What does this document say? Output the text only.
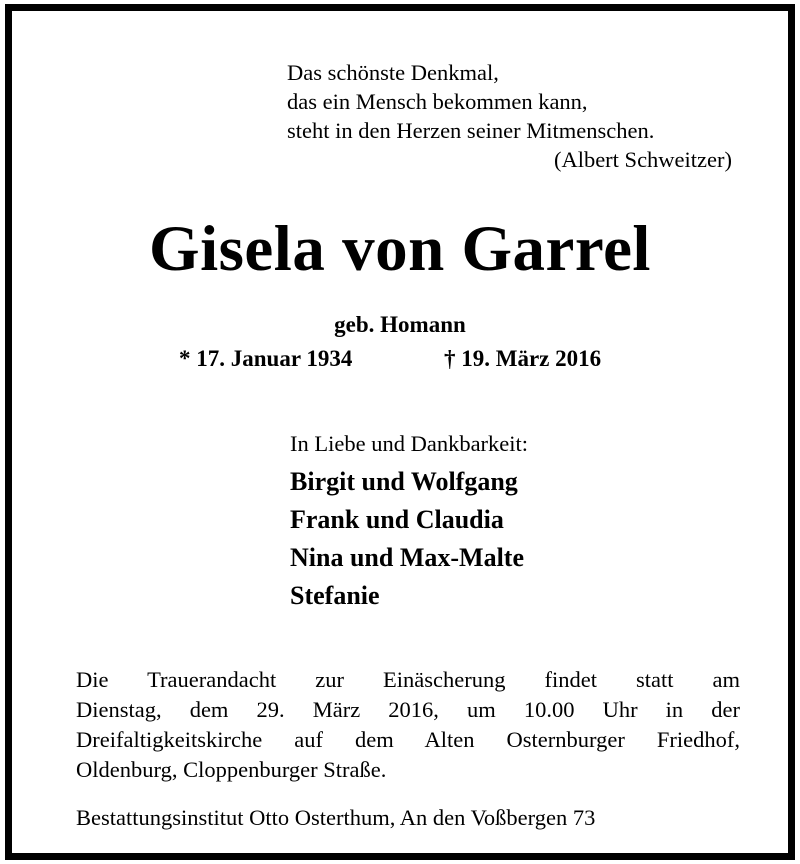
Das schönste Denkmal,
das ein Mensch bekommen kann,
steht in den Herzen seiner Mitmenschen.
(Albert Schweitzer)
Gisela von Garrel
geb. Homann
* 17. Januar 1934	† 19. März 2016
In Liebe und Dankbarkeit:
Birgit und Wolfgang
Frank und Claudia
Nina und Max-Malte
Stefanie
Die Trauerandacht zur Einäscherung findet statt am
Dienstag, dem 29. März 2016, um 10.00 Uhr in der
Dreifaltigkeitskirche auf dem Alten Osternburger Friedhof,
Oldenburg, Cloppenburger Straße.
Bestattungsinstitut Otto Osterthum, An den Voßbergen 73
